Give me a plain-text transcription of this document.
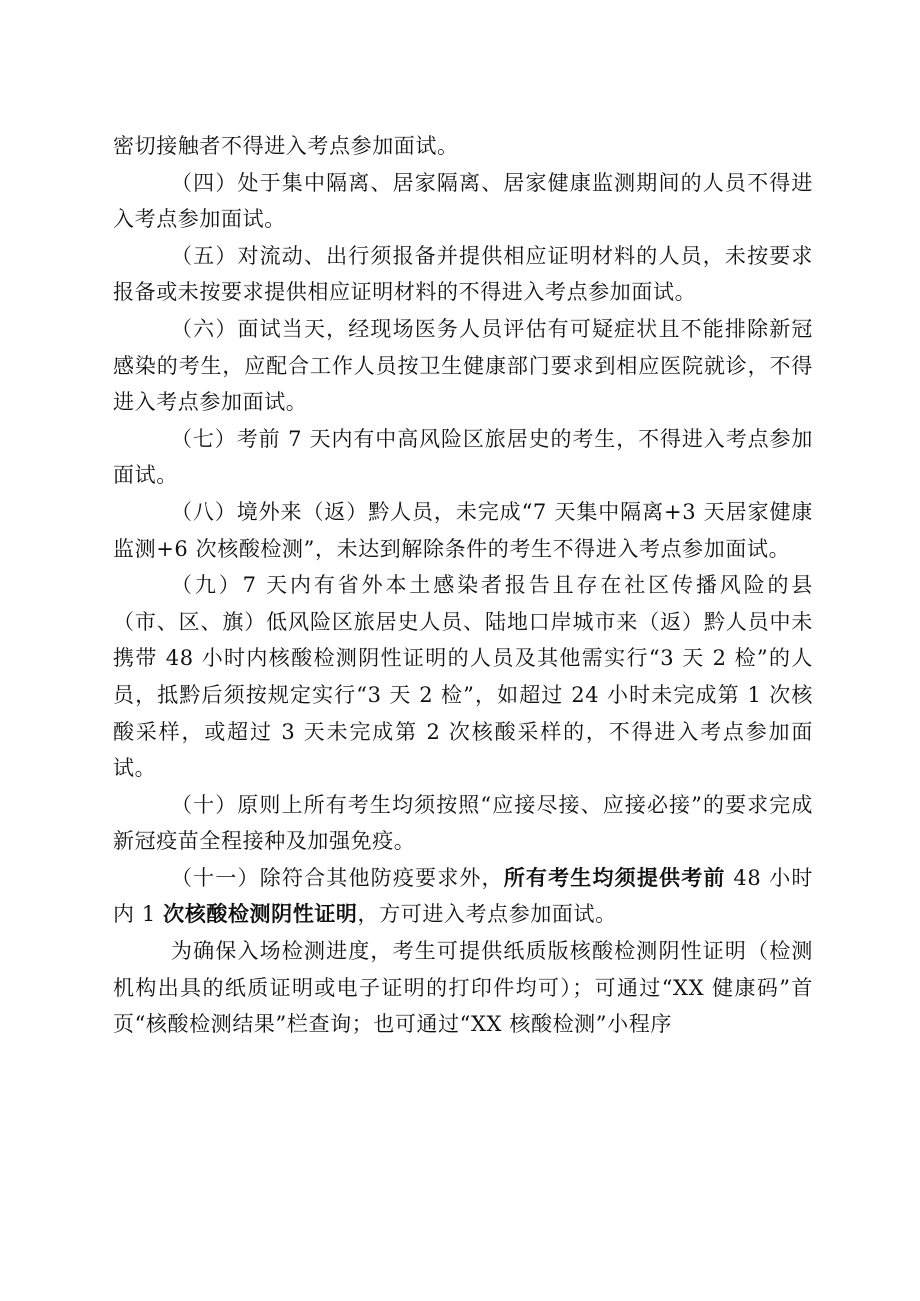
密切接触者不得进入考点参加面试。

（四）处于集中隔离、居家隔离、居家健康监测期间的人员不得进入考点参加面试。

（五）对流动、出行须报备并提供相应证明材料的人员，未按要求报备或未按要求提供相应证明材料的不得进入考点参加面试。

（六）面试当天，经现场医务人员评估有可疑症状且不能排除新冠感染的考生，应配合工作人员按卫生健康部门要求到相应医院就诊，不得进入考点参加面试。

（七）考前 7 天内有中高风险区旅居史的考生，不得进入考点参加面试。

（八）境外来（返）黔人员，未完成“7 天集中隔离+3 天居家健康监测+6 次核酸检测”，未达到解除条件的考生不得进入考点参加面试。

（九）7 天内有省外本土感染者报告且存在社区传播风险的县（市、区、旗）低风险区旅居史人员、陆地口岸城市来（返）黔人员中未携带 48 小时内核酸检测阴性证明的人员及其他需实行“3 天 2 检”的人员，抵黔后须按规定实行“3 天 2 检”，如超过 24 小时未完成第 1 次核酸采样，或超过 3 天未完成第 2 次核酸采样的，不得进入考点参加面试。

（十）原则上所有考生均须按照“应接尽接、应接必接”的要求完成新冠疫苗全程接种及加强免疫。

（十一）除符合其他防疫要求外，所有考生均须提供考前 48 小时内 1 次核酸检测阴性证明，方可进入考点参加面试。

为确保入场检测进度，考生可提供纸质版核酸检测阴性证明（检测机构出具的纸质证明或电子证明的打印件均可）；可通过“XX 健康码”首页“核酸检测结果”栏查询；也可通过“XX 核酸检测”小程序
